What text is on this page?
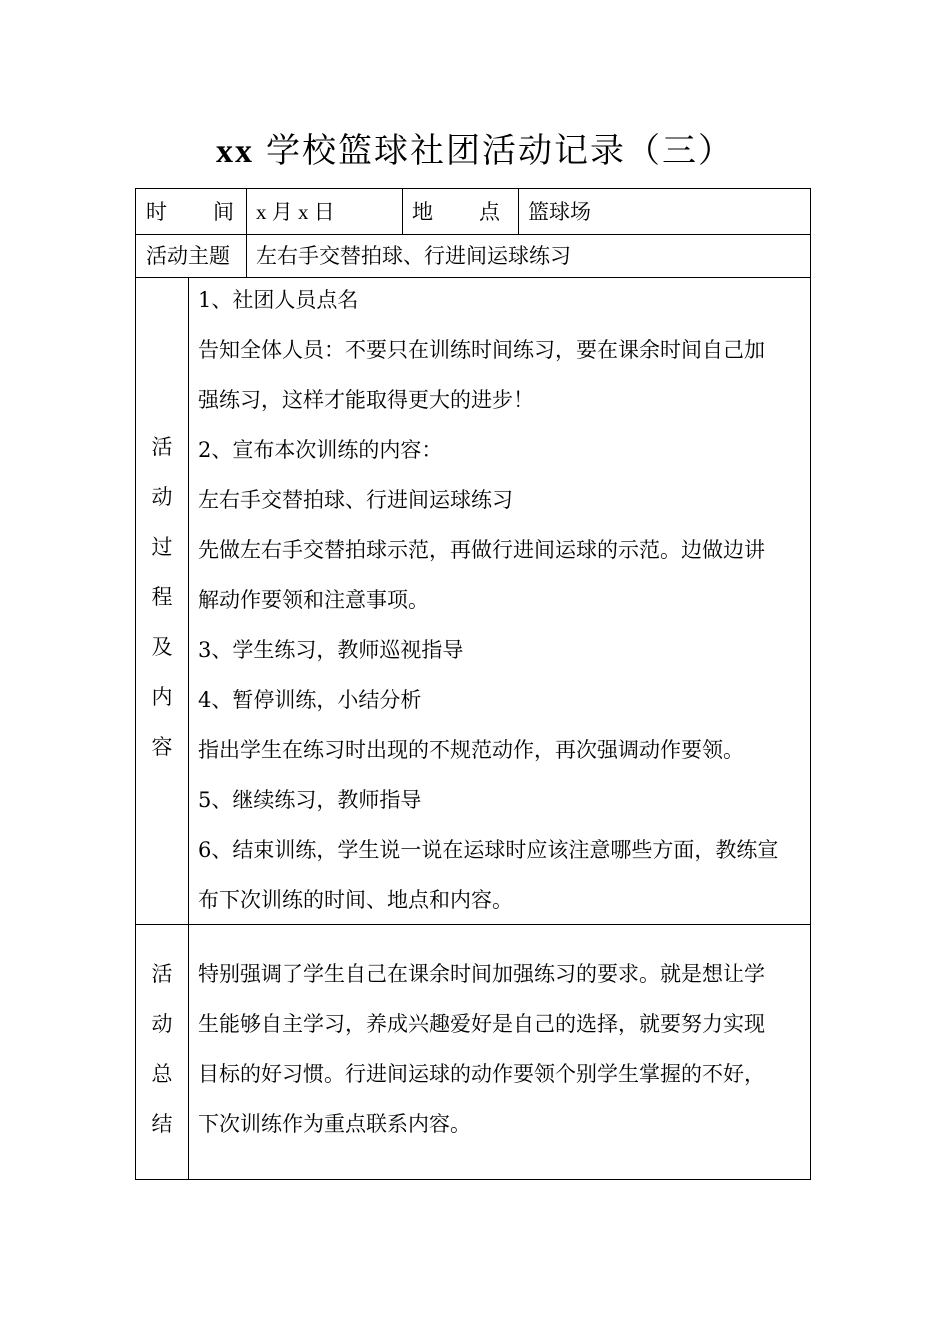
xx 学校篮球社团活动记录（三）
时 间 x 月 x 日	地 点 篮球场
活动主题 左右手交替拍球、行进间运球练习
活
动
过
程
及
内
容
1、社团人员点名
告知全体人员：不要只在训练时间练习，要在课余时间自己加
强练习，这样才能取得更大的进步！
2、宣布本次训练的内容：
左右手交替拍球、行进间运球练习
先做左右手交替拍球示范，再做行进间运球的示范。边做边讲
解动作要领和注意事项。
3、学生练习，教师巡视指导
4、暂停训练，小结分析
指出学生在练习时出现的不规范动作，再次强调动作要领。
5、继续练习，教师指导
6、结束训练，学生说一说在运球时应该注意哪些方面，教练宣
布下次训练的时间、地点和内容。
活
动
总
结
特别强调了学生自己在课余时间加强练习的要求。就是想让学
生能够自主学习，养成兴趣爱好是自己的选择，就要努力实现
目标的好习惯。行进间运球的动作要领个别学生掌握的不好，
下次训练作为重点联系内容。
